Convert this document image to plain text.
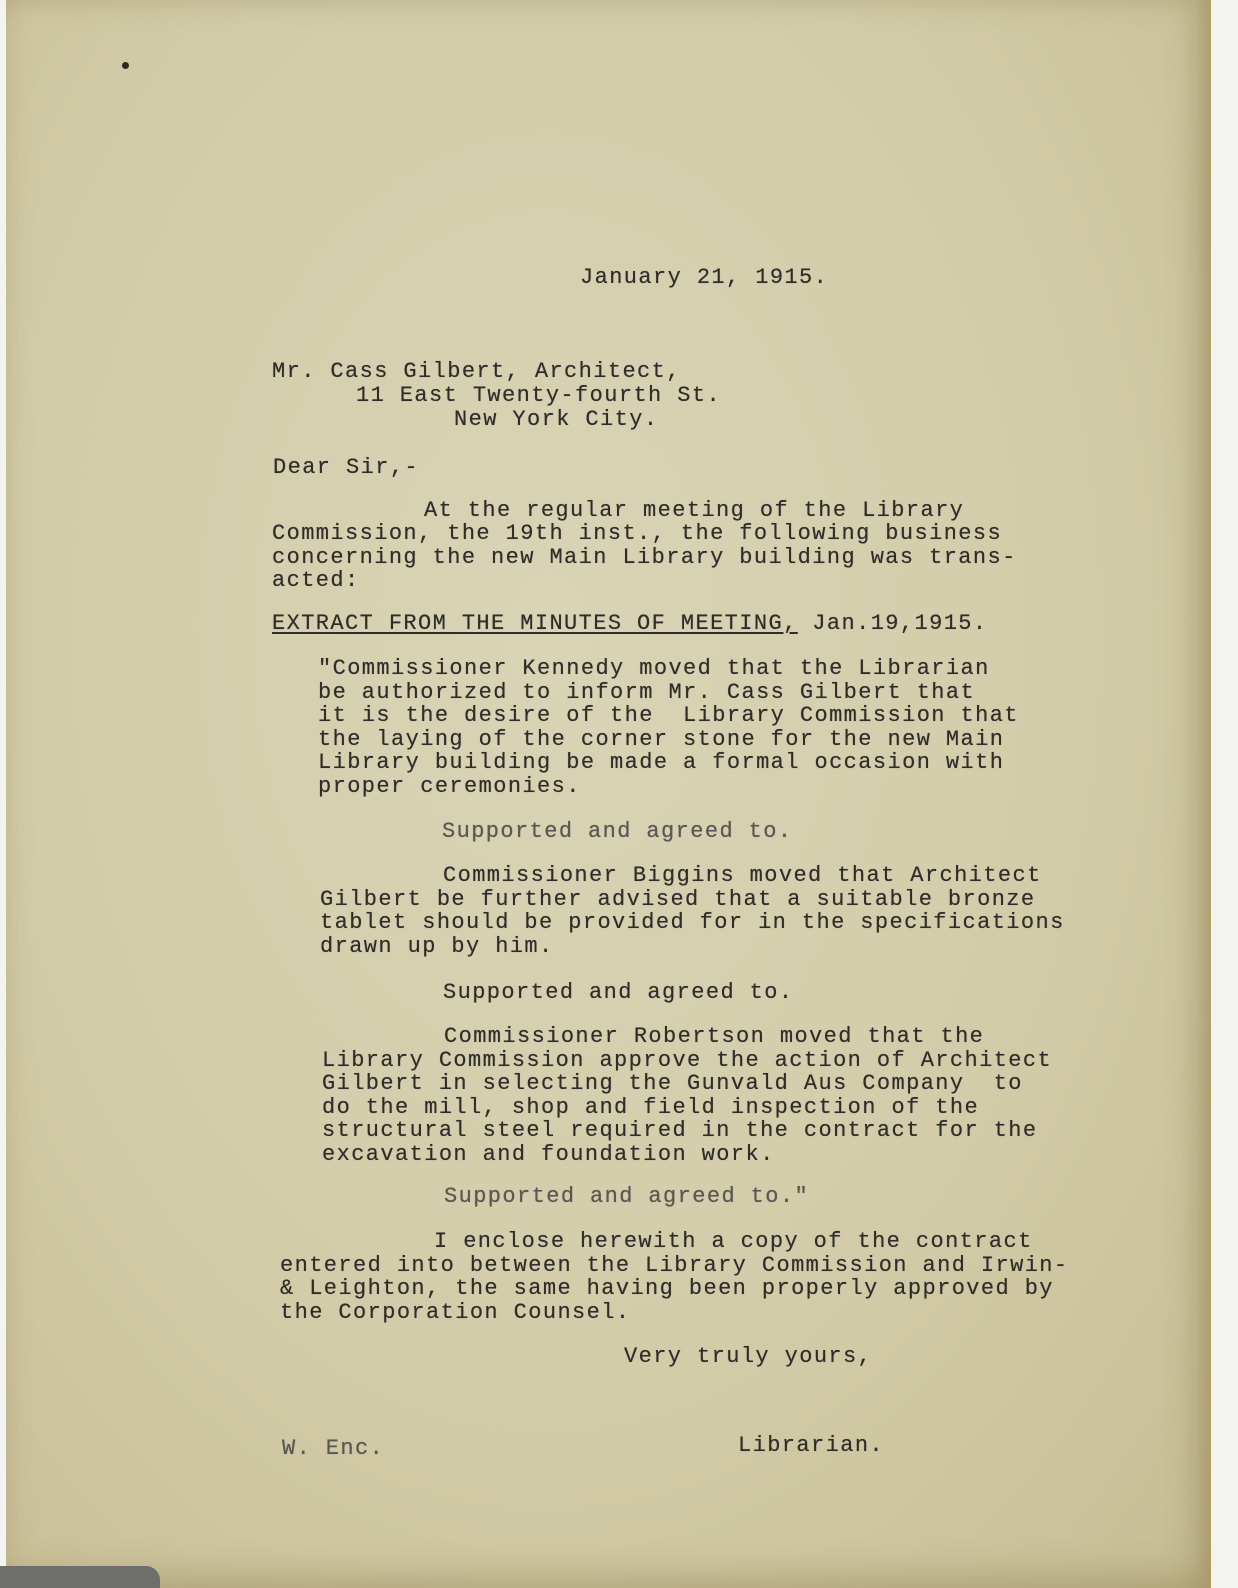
January 21, 1915.
Mr. Cass Gilbert, Architect,
11 East Twenty-fourth St.
New York City.
Dear Sir,-
At the regular meeting of the Library
Commission, the 19th inst., the following business
concerning the new Main Library building was trans-
acted:
EXTRACT FROM THE MINUTES OF MEETING, Jan.19,1915.
"Commissioner Kennedy moved that the Librarian
be authorized to inform Mr. Cass Gilbert that
it is the desire of the  Library Commission that
the laying of the corner stone for the new Main
Library building be made a formal occasion with
proper ceremonies.
Supported and agreed to.
Commissioner Biggins moved that Architect
Gilbert be further advised that a suitable bronze
tablet should be provided for in the specifications
drawn up by him.
Supported and agreed to.
Commissioner Robertson moved that the
Library Commission approve the action of Architect
Gilbert in selecting the Gunvald Aus Company  to
do the mill, shop and field inspection of the
structural steel required in the contract for the
excavation and foundation work.
Supported and agreed to."
I enclose herewith a copy of the contract
entered into between the Library Commission and Irwin-
& Leighton, the same having been properly approved by
the Corporation Counsel.
Very truly yours,
W. Enc.	Librarian.
